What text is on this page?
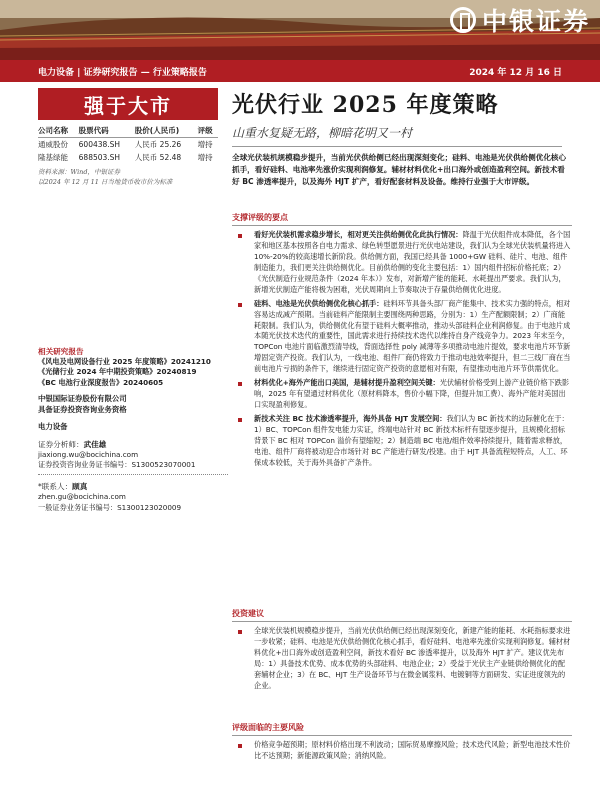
中银证券
电力设备 | 证券研究报告 — 行业策略报告	2024 年 12 月 16 日
强于大市
公司名称	股票代码	股价(人民币)	评级
通威股份	600438.SH	人民币 25.26	增持
隆基绿能	688503.SH	人民币 52.48	增持
资料来源：Wind，中银证券
以2024 年 12 月 11 日当地货币收市价为标准
相关研究报告
《风电及电网设备行业 2025 年度策略》20241210
《光储行业 2024 年中期投资策略》20240819
《BC 电池行业深度报告》20240605
中银国际证券股份有限公司
具备证券投资咨询业务资格
电力设备
证券分析师：武佳雄
jiaxiong.wu@bocichina.com
证券投资咨询业务证书编号：S1300523070001
*联系人：顾真
zhen.gu@bocichina.com
一般证券业务证书编号：S1300123020009
光伏行业 2025 年度策略
山重水复疑无路，柳暗花明又一村
全球光伏装机规模稳步提升，当前光伏供给侧已经出现深刻变化；硅料、电池是光伏供给侧优化核心抓手，看好硅料、电池率先涨价实现利润修复。辅材材料优化+出口海外或创造盈利空间。新技术看好 BC 渗透率提升，以及海外 HJT 扩产，看好配套材料及设备。维持行业强于大市评级。
支撑评级的要点
看好光伏装机需求稳步增长，相对更关注供给侧优化此执行情况：降温于光伏组件成本降低，各个国家和地区基本按照各自电力需求、绿色转型愿景进行光伏电站建设，我们认为全球光伏装机量将进入 10%-20%的较高速增长新阶段。供给侧方面，我国已经具备 1000+GW 硅料、硅片、电池、组件制造能力，我们更关注供给侧优化。目前供给侧的变化主要包括：1）国内组件招标价格托底；2）《光伏制造行业规范条件（2024 年本）》发布，对新增产能的能耗、水耗提出严要求。我们认为，新增光伏制造产能将极为困难，光伏周期向上节奏取决于存量供给侧优化进度。
硅料、电池是光伏供给侧优化核心抓手：硅料环节具备头部厂商产能集中、技术实力强的特点，相对容易达成减产预期。当前硅料产能限制主要围绕两种思路，分别为：1）生产配额限制；2）广商能耗限制。我们认为，供给侧优化有望于硅料大概率推动，推动头部硅料企业利润修复。由于电池片成本随光伏技术迭代的重要性，国此需求进行持续技术迭代以维持自身产线竞争力。2023 年末至今，TOPCon 电池片面临激烈清导线，背面选择性 poly 减薄等多项推动电池片提效，要求电池片环节新增固定资产投资。我们认为，一线电池、组件厂商仍将致力于推动电池效率提升，但二三线厂商在当前电池片亏损的条件下，继续进行固定资产投资的意愿相对有限，有望推动电池片环节供需优化。
材料优化+海外产能出口美国，是辅材提升盈利空间关键：光伏辅材价格受到上游产业链价格下跌影响，2025 年有望通过材料优化（原材料降本，售价小幅下降，但提升加工费）、海外产能对美国出口实现盈利修复。
新技术关注 BC 技术渗透率提升，海外具备 HJT 发展空间：我们认为 BC 新技术的边际催化在于：1）BC、TOPCon 组件发电能力实证，终端电站针对 BC 新技术标杆有望逐步提升，且规模化招标背景下 BC 相对 TOPCon 溢价有望缩短；2）制造端 BC 电池/组件效率持续提升，随着需求释放，电池、组件厂商将被动迎合市场针对 BC 产能进行研发/投建。由于 HJT 具备流程短特点，人工、环保成本较低，关于海外具备扩产条件。
投资建议
全球光伏装机规模稳步提升，当前光伏供给侧已经出现深刻变化，新建产能的能耗、水耗指标要求进一步收紧；硅料、电池是光伏供给侧优化核心抓手，看好硅料、电池率先涨价实现利润修复。辅材材料优化+出口海外或创造盈利空间，新技术看好 BC 渗透率提升，以及海外 HJT 扩产。建议优先布局：1）具备技术优势、成本优势的头部硅料、电池企业；2）受益于光伏主产业链供给侧优化的配套辅材企业；3）在 BC、HJT 生产设备环节与在微金属浆料、电镀铜等方面研发、实证进度领先的企业。
评级面临的主要风险
价格竞争超预期；原材料价格出现不利波动；国际贸易摩擦风险；技术迭代风险；新型电池技术性价比不达预期；新能源政策风险；消纳风险。
